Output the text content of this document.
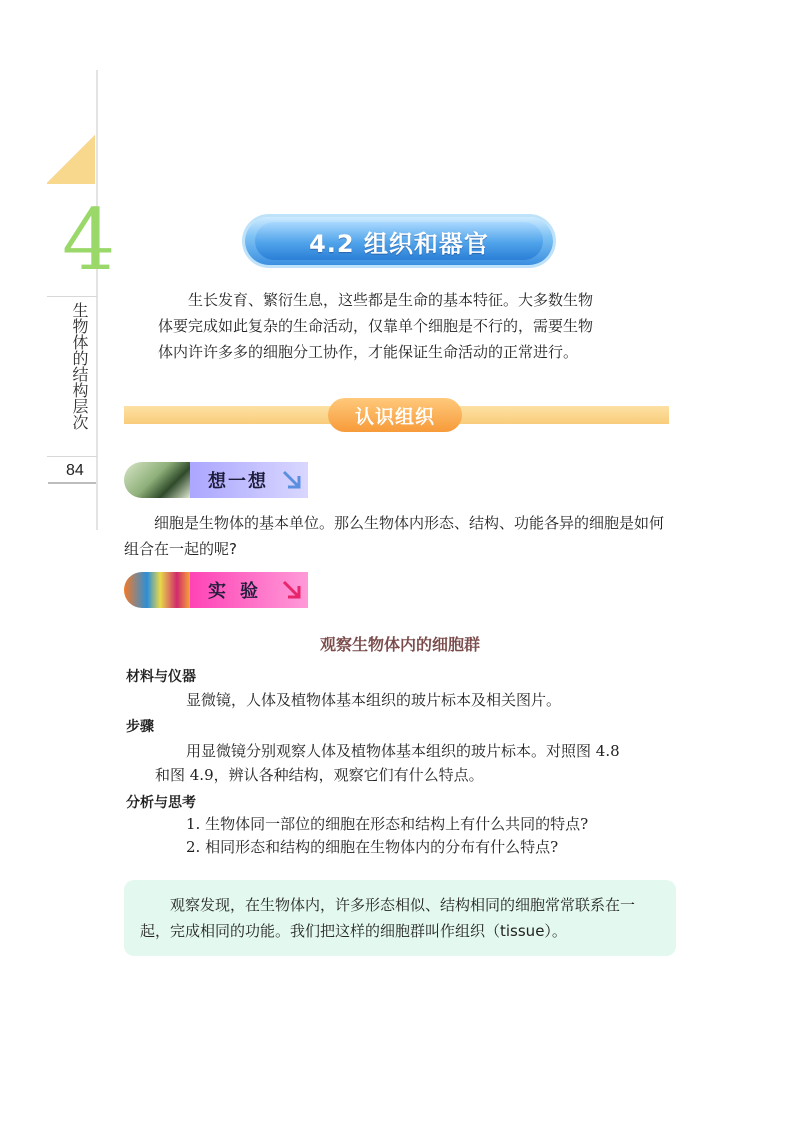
4
生物体的结构层次
84
4.2 组织和器官

生长发育、繁衍生息，这些都是生命的基本特征。大多数生物

体要完成如此复杂的生命活动，仅靠单个细胞是不行的，需要生物

体内许许多多的细胞分工协作，才能保证生命活动的正常进行。

认识组织
想一想

细胞是生物体的基本单位。那么生物体内形态、结构、功能各异的细胞是如何组合在一起的呢?

实验
观察生物体内的细胞群
材料与仪器
显微镜，人体及植物体基本组织的玻片标本及相关图片。
步骤
用显微镜分别观察人体及植物体基本组织的玻片标本。对照图 4.8
和图 4.9，辨认各种结构，观察它们有什么特点。
分析与思考
1. 生物体同一部位的细胞在形态和结构上有什么共同的特点?
2. 相同形态和结构的细胞在生物体内的分布有什么特点?

观察发现，在生物体内，许多形态相似、结构相同的细胞常常联系在一起，完成相同的功能。我们把这样的细胞群叫作组织（tissue）。
